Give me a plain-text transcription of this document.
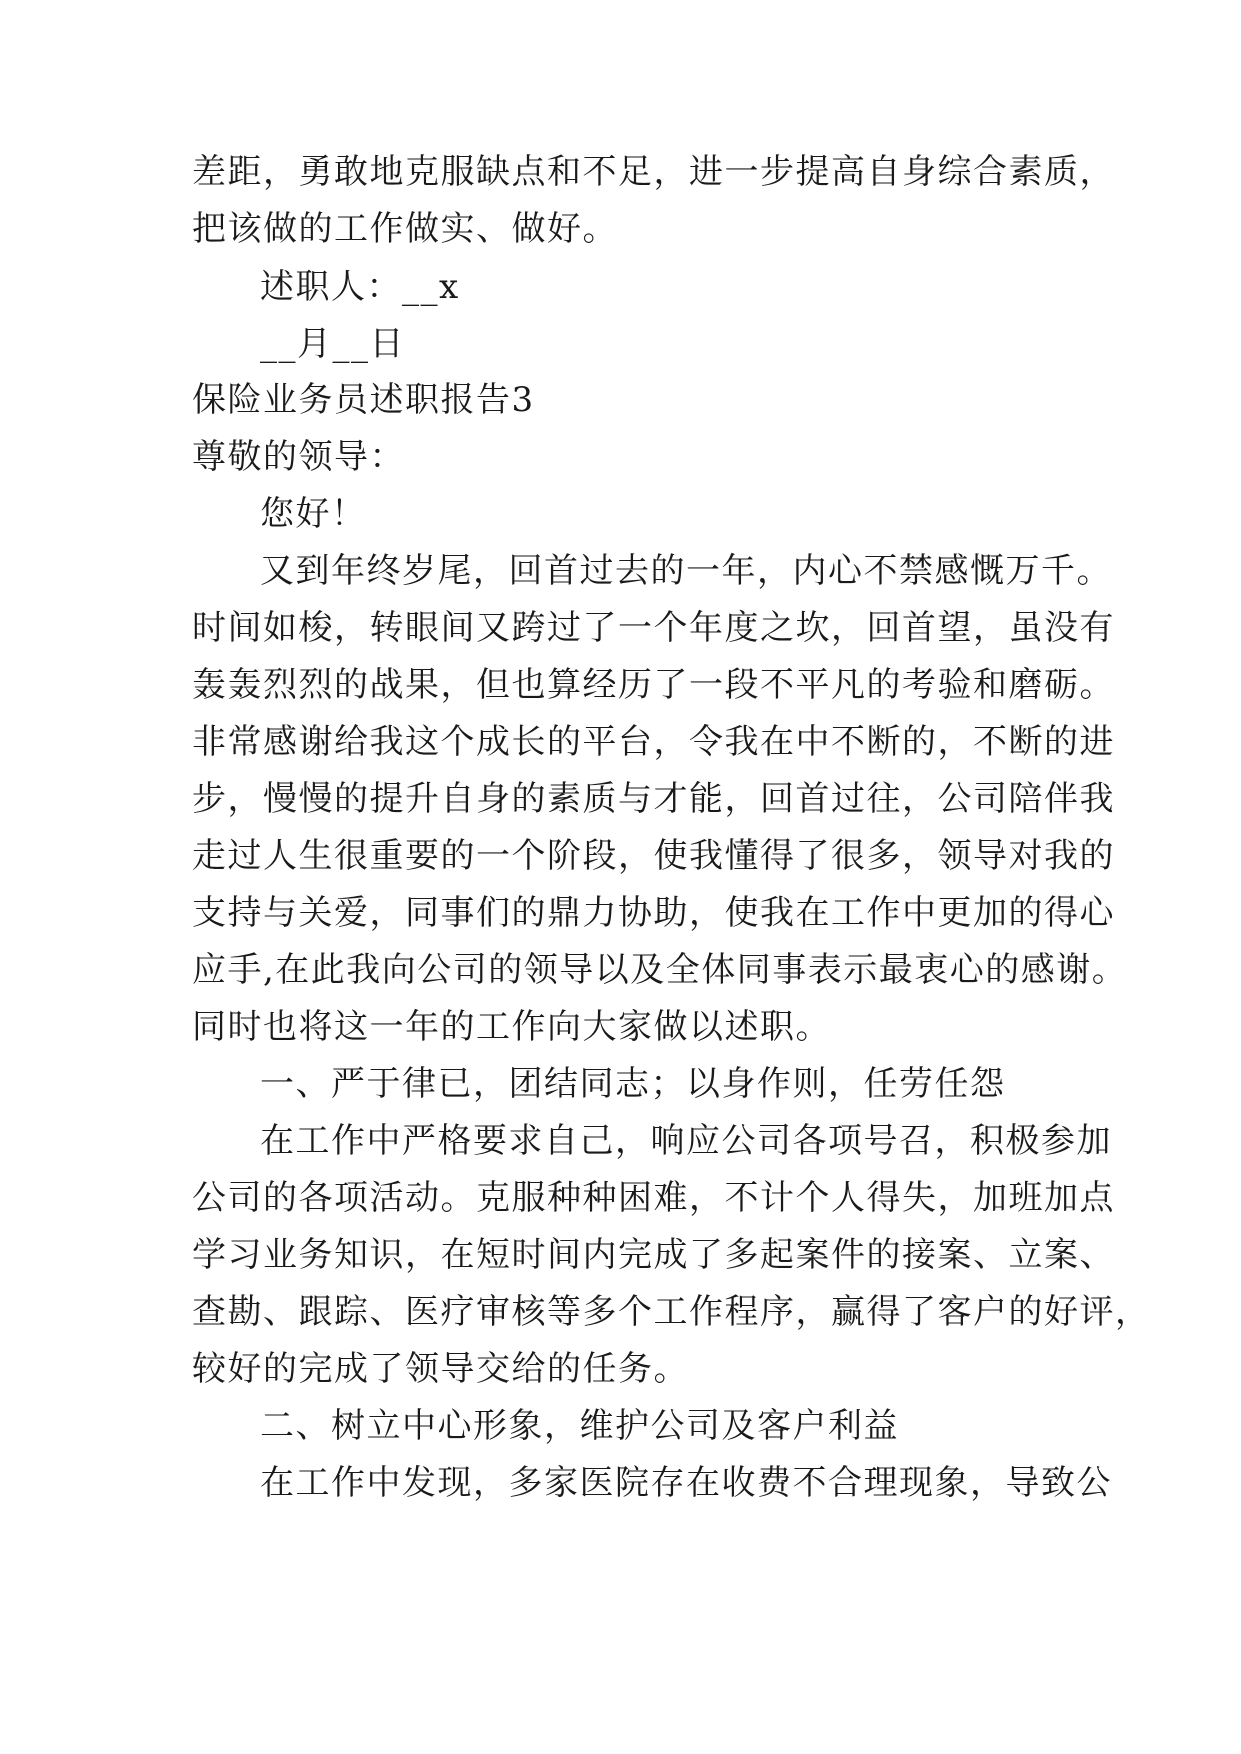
差距，勇敢地克服缺点和不足，进一步提高自身综合素质，
把该做的工作做实、做好。
述职人：__x
__月__日
保险业务员述职报告3
尊敬的领导：
您好！
又到年终岁尾，回首过去的一年，内心不禁感慨万千。
时间如梭，转眼间又跨过了一个年度之坎，回首望，虽没有
轰轰烈烈的战果，但也算经历了一段不平凡的考验和磨砺。
非常感谢给我这个成长的平台，令我在中不断的，不断的进
步，慢慢的提升自身的素质与才能，回首过往，公司陪伴我
走过人生很重要的一个阶段，使我懂得了很多，领导对我的
支持与关爱，同事们的鼎力协助，使我在工作中更加的得心
应手,在此我向公司的领导以及全体同事表示最衷心的感谢。
同时也将这一年的工作向大家做以述职。
一、严于律已，团结同志；以身作则，任劳任怨
在工作中严格要求自己，响应公司各项号召，积极参加
公司的各项活动。克服种种困难，不计个人得失，加班加点
学习业务知识，在短时间内完成了多起案件的接案、立案、
查勘、跟踪、医疗审核等多个工作程序，赢得了客户的好评，
较好的完成了领导交给的任务。
二、树立中心形象，维护公司及客户利益
在工作中发现，多家医院存在收费不合理现象，导致公
